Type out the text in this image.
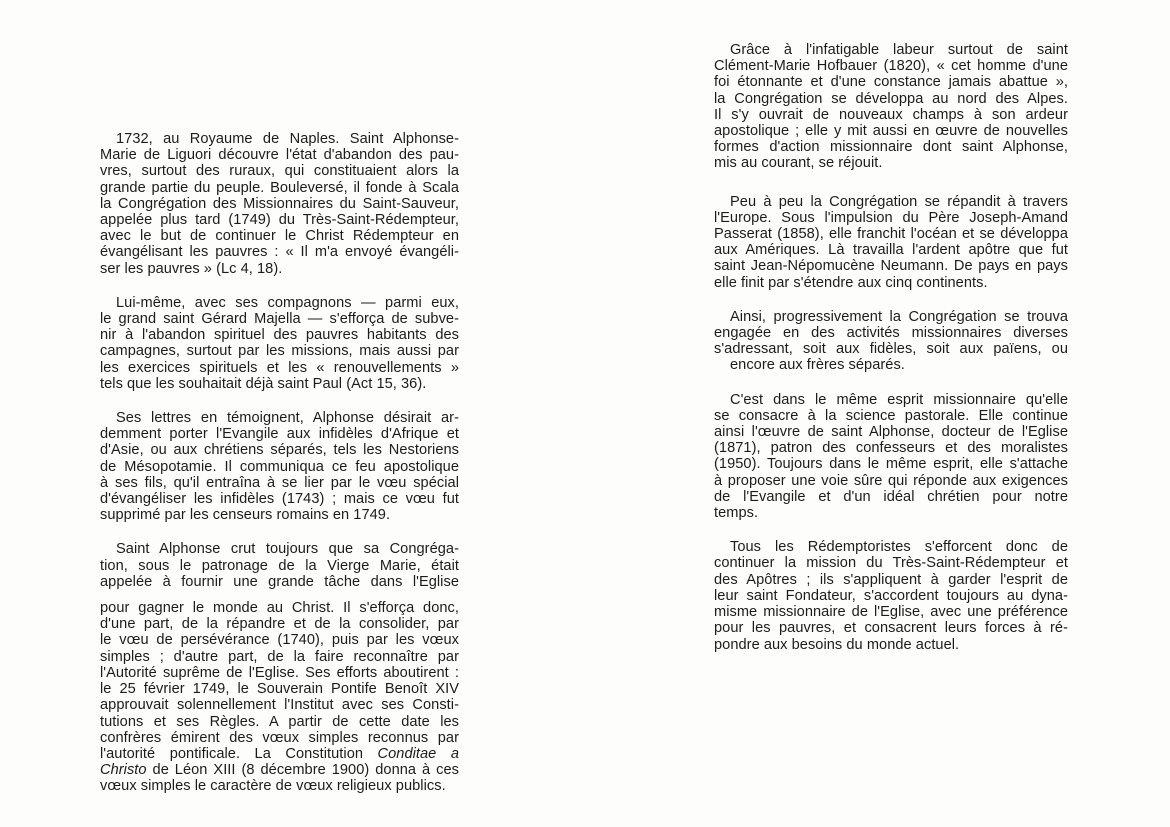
1732, au Royaume de Naples. Saint Alphonse-
Marie de Liguori découvre l'état d'abandon des pau-
vres, surtout des ruraux, qui constituaient alors la
grande partie du peuple. Bouleversé, il fonde à Scala
la Congrégation des Missionnaires du Saint-Sauveur,
appelée plus tard (1749) du Très-Saint-Rédempteur,
avec le but de continuer le Christ Rédempteur en
évangélisant les pauvres : « Il m'a envoyé évangéli-
ser les pauvres » (Lc 4, 18).
Lui-même, avec ses compagnons — parmi eux,
le grand saint Gérard Majella — s'efforça de subve-
nir à l'abandon spirituel des pauvres habitants des
campagnes, surtout par les missions, mais aussi par
les exercices spirituels et les « renouvellements »
tels que les souhaitait déjà saint Paul (Act 15, 36).
Ses lettres en témoignent, Alphonse désirait ar-
demment porter l'Evangile aux infidèles d'Afrique et
d'Asie, ou aux chrétiens séparés, tels les Nestoriens
de Mésopotamie. Il communiqua ce feu apostolique
à ses fils, qu'il entraîna à se lier par le vœu spécial
d'évangéliser les infidèles (1743) ; mais ce vœu fut
supprimé par les censeurs romains en 1749.
Saint Alphonse crut toujours que sa Congréga-
tion, sous le patronage de la Vierge Marie, était
appelée à fournir une grande tâche dans l'Eglise
pour gagner le monde au Christ. Il s'efforça donc,
d'une part, de la répandre et de la consolider, par
le vœu de persévérance (1740), puis par les vœux
simples ; d'autre part, de la faire reconnaître par
l'Autorité suprême de l'Eglise. Ses efforts aboutirent :
le 25 février 1749, le Souverain Pontife Benoît XIV
approuvait solennellement l'Institut avec ses Consti-
tutions et ses Règles. A partir de cette date les
confrères émirent des vœux simples reconnus par
l'autorité pontificale. La Constitution Conditae a
Christo de Léon XIII (8 décembre 1900) donna à ces
vœux simples le caractère de vœux religieux publics.
Grâce à l'infatigable labeur surtout de saint
Clément-Marie Hofbauer (1820), « cet homme d'une
foi étonnante et d'une constance jamais abattue »,
la Congrégation se développa au nord des Alpes.
Il s'y ouvrait de nouveaux champs à son ardeur
apostolique ; elle y mit aussi en œuvre de nouvelles
formes d'action missionnaire dont saint Alphonse,
mis au courant, se réjouit.
Peu à peu la Congrégation se répandit à travers
l'Europe. Sous l'impulsion du Père Joseph-Amand
Passerat (1858), elle franchit l'océan et se développa
aux Amériques. Là travailla l'ardent apôtre que fut
saint Jean-Népomucène Neumann. De pays en pays
elle finit par s'étendre aux cinq continents.
Ainsi, progressivement la Congrégation se trouva
engagée en des activités missionnaires diverses
s'adressant, soit aux fidèles, soit aux païens, ou
encore aux frères séparés.
C'est dans le même esprit missionnaire qu'elle
se consacre à la science pastorale. Elle continue
ainsi l'œuvre de saint Alphonse, docteur de l'Eglise
(1871), patron des confesseurs et des moralistes
(1950). Toujours dans le même esprit, elle s'attache
à proposer une voie sûre qui réponde aux exigences
de l'Evangile et d'un idéal chrétien pour notre
temps.
Tous les Rédemptoristes s'efforcent donc de
continuer la mission du Très-Saint-Rédempteur et
des Apôtres ; ils s'appliquent à garder l'esprit de
leur saint Fondateur, s'accordent toujours au dyna-
misme missionnaire de l'Eglise, avec une préférence
pour les pauvres, et consacrent leurs forces à ré-
pondre aux besoins du monde actuel.
